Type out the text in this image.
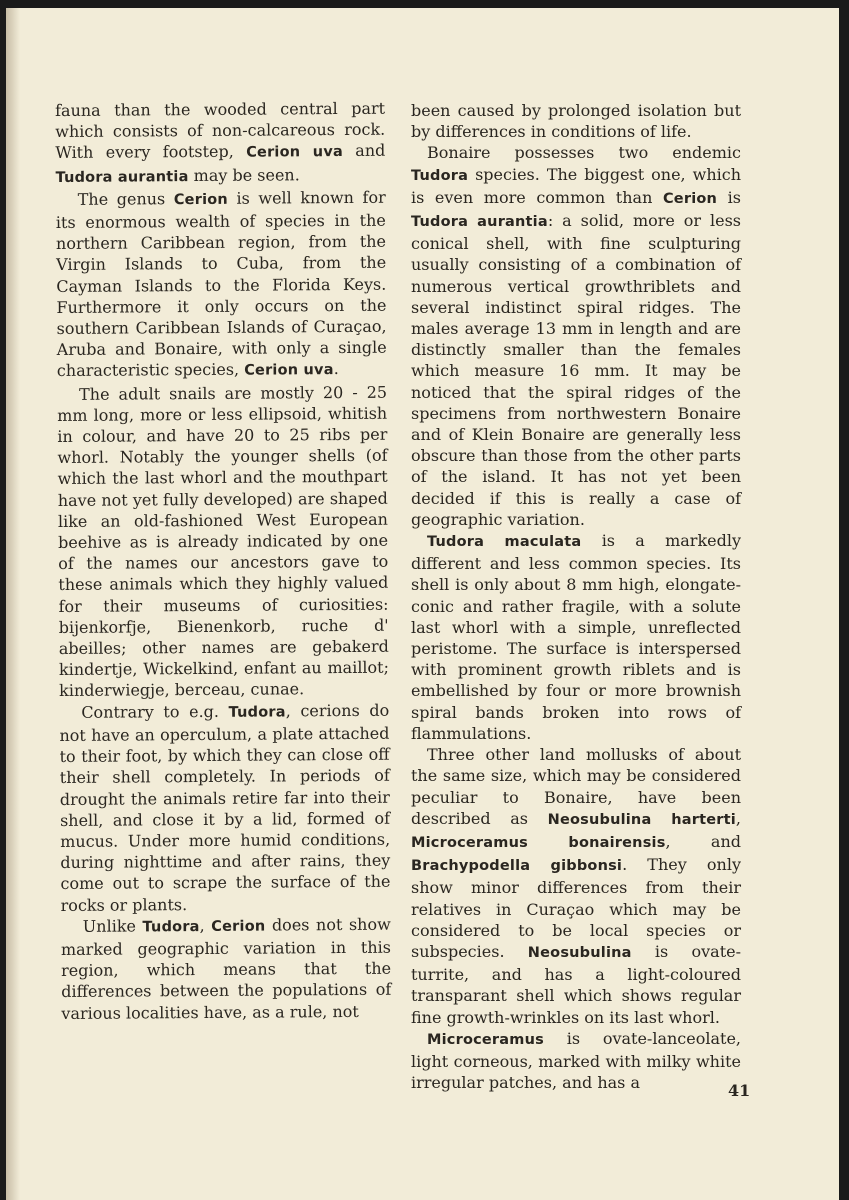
fauna than the wooded central part which consists of non-calcareous rock. With every footstep, Cerion uva and Tudora aurantia may be seen.

The genus Cerion is well known for its enormous wealth of species in the northern Caribbean region, from the Virgin Islands to Cuba, from the Cayman Islands to the Florida Keys. Furthermore it only occurs on the southern Caribbean Islands of Curaçao, Aruba and Bonaire, with only a single characteristic species, Cerion uva.

The adult snails are mostly 20 - 25 mm long, more or less ellipsoid, whitish in colour, and have 20 to 25 ribs per whorl. Notably the younger shells (of which the last whorl and the mouthpart have not yet fully developed) are shaped like an old-fashioned West European beehive as is already indicated by one of the names our ancestors gave to these animals which they highly valued for their museums of curiosities: bijenkorfje, Bienenkorb, ruche d' abeilles; other names are gebakerd kindertje, Wickelkind, enfant au maillot; kinderwiegje, berceau, cunae.

Contrary to e.g. Tudora, cerions do not have an operculum, a plate attached to their foot, by which they can close off their shell completely. In periods of drought the animals retire far into their shell, and close it by a lid, formed of mucus. Under more humid conditions, during nighttime and after rains, they come out to scrape the surface of the rocks or plants.

Unlike Tudora, Cerion does not show marked geographic variation in this region, which means that the differences between the populations of various localities have, as a rule, not

been caused by prolonged isolation but by differences in conditions of life.

Bonaire possesses two endemic Tudora species. The biggest one, which is even more common than Cerion is Tudora aurantia: a solid, more or less conical shell, with fine sculpturing usually consisting of a combination of numerous vertical growthriblets and several indistinct spiral ridges. The males average 13 mm in length and are distinctly smaller than the females which measure 16 mm. It may be noticed that the spiral ridges of the specimens from northwestern Bonaire and of Klein Bonaire are generally less obscure than those from the other parts of the island. It has not yet been decided if this is really a case of geographic variation.

Tudora maculata is a markedly different and less common species. Its shell is only about 8 mm high, elongate-conic and rather fragile, with a solute last whorl with a simple, unreflected peristome. The surface is interspersed with prominent growth riblets and is embellished by four or more brownish spiral bands broken into rows of flammulations.

Three other land mollusks of about the same size, which may be considered peculiar to Bonaire, have been described as Neosubulina harterti, Microceramus bonairensis, and Brachypodella gibbonsi. They only show minor differences from their relatives in Curaçao which may be considered to be local species or subspecies. Neosubulina is ovate-turrite, and has a light-coloured transparant shell which shows regular fine growth-wrinkles on its last whorl.

Microceramus is ovate-lanceolate, light corneous, marked with milky white irregular patches, and has a	41
